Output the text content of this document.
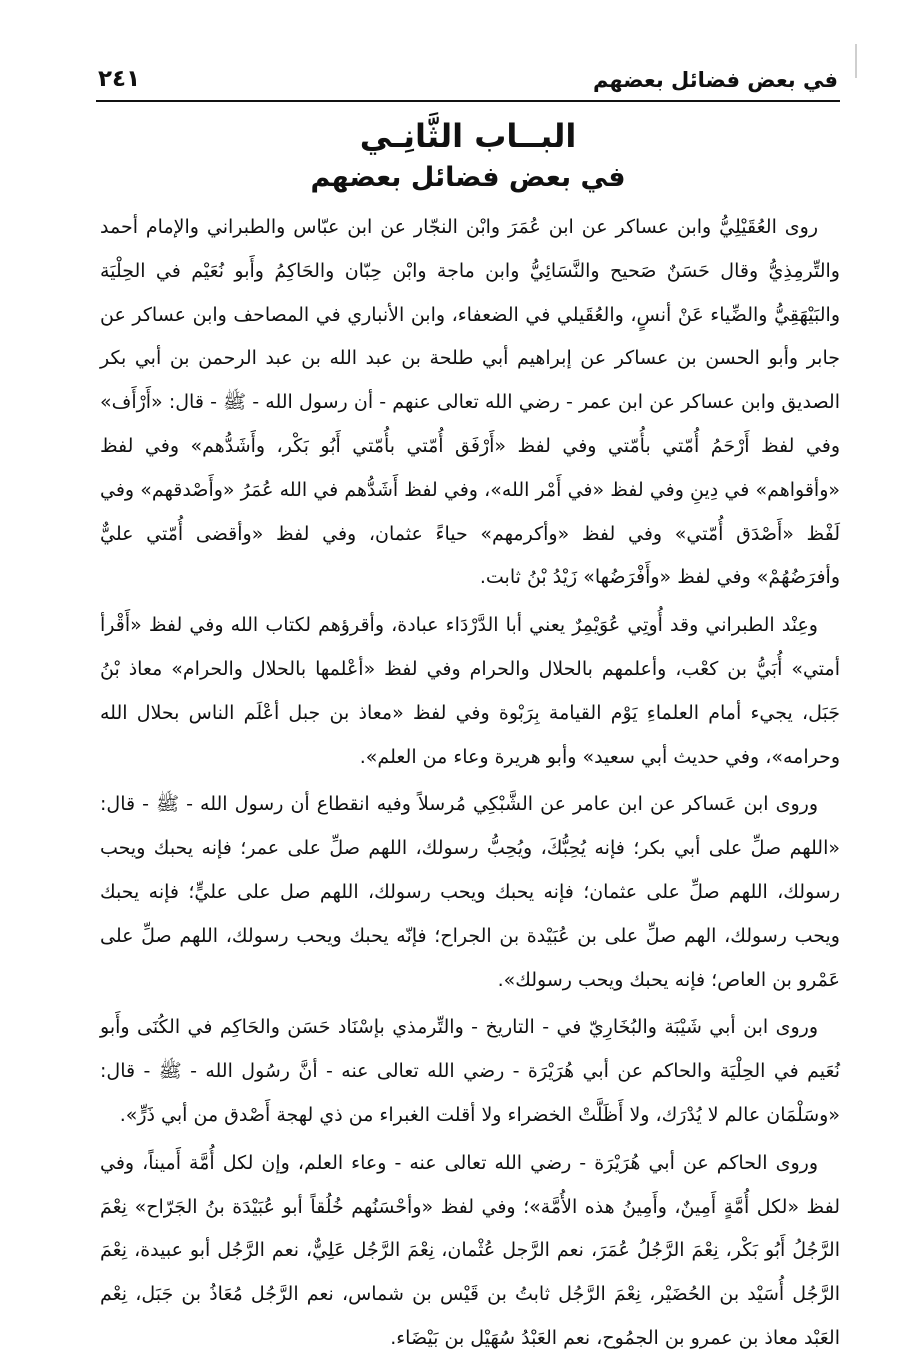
في بعض فضائل بعضهم
٢٤١
البــاب الثَّانِـي
في بعض فضائل بعضهم

روى العُقَيْلِيُّ وابن عساكر عن ابن عُمَرَ وابْن النجّار عن ابن عبّاس والطبراني والإمام أحمد والتِّرمِذِيُّ وقال حَسَنٌ صَحيح والنَّسَائِيُّ وابن ماجة وابْن حِبّان والحَاكِمُ وأَبو نُعَيْم في الحِلْيَة والبَيْهَقِيُّ والضِّياء عَنْ أنسٍ، والعُقَيلي في الضعفاء، وابن الأنباري في المصاحف وابن عساكر عن جابر وأبو الحسن بن عساكر عن إبراهيم أبي طلحة بن عبد الله بن عبد الرحمن بن أبي بكر الصديق وابن عساكر عن ابن عمر - رضي الله تعالى عنهم - أن رسول الله - ﷺ - قال: «أَرْأَف» وفي لفظ أَرْحَمُ أُمّتي بأُمّتي وفي لفظ «أَرْفَق أُمّتي بأُمّتي أَبُو بَكْر، وأَشَدُّهم» وفي لفظ «وأقواهم» في دِينِ وفي لفظ «في أَمْر الله»، وفي لفظ أَشَدُّهم في الله عُمَرُ «وأَصْدقهم» وفي لَفْظ «أَصْدَق أُمّتي» وفي لفظ «وأكرمهم» حياءً عثمان، وفي لفظ «وأقضى أُمّتي عليٌّ وأفرَضُهُمْ» وفي لفظ «وأَفْرَضُها» زَيْدُ بْنُ ثابت.

وعِنْد الطبراني وقد أُوتِي عُوَيْمِرٌ يعني أبا الدَّرْدَاء عبادة، وأقرؤهم لكتاب الله وفي لفظ «أَقْرأ أمتي» أُبَيُّ بن كعْب، وأعلمهم بالحلال والحرام وفي لفظ «أعْلمها بالحلال والحرام» معاذ بْنُ جَبَل، يجيء أمام العلماءِ يَوْم القيامة بِرَبْوة وفي لفظ «معاذ بن جبل أعْلَم الناس بحلال الله وحرامه»، وفي حديث أبي سعيد» وأبو هريرة وعاء من العلم».

وروى ابن عَساكر عن ابن عامر عن الشَّبْكِي مُرسلاً وفيه انقطاع أن رسول الله - ﷺ - قال: «اللهم صلِّ على أبي بكر؛ فإنه يُحِبُّكَ، ويُحِبُّ رسولك، اللهم صلِّ على عمر؛ فإنه يحبك ويحب رسولك، اللهم صلِّ على عثمان؛ فإنه يحبك ويحب رسولك، اللهم صل على عليٍّ؛ فإنه يحبك ويحب رسولك، الهم صلِّ على بن عُبَيْدة بن الجراح؛ فإنّه يحبك ويحب رسولك، اللهم صلِّ على عَمْرو بن العاص؛ فإنه يحبك ويحب رسولك».

وروى ابن أبي شَيْبَة والبُخَارِيّ في - التاريخ - والتِّرمذي بإسْنَاد حَسَن والحَاكِم في الكُنَى وأَبو نُعَيم في الحِلْيَة والحاكم عن أبي هُرَيْرَة - رضي الله تعالى عنه - أنَّ رسُول الله - ﷺ - قال: «وسَلْمَان عالم لا يُدْرَك، ولا أَظَلَّتْ الخضراء ولا أقلت الغبراء من ذي لهجة أَصْدق من أبي ذَرٍّ».

وروى الحاكم عن أبي هُرَيْرَة - رضي الله تعالى عنه - وعاء العلم، وإن لكل أُمَّة أَميناً، وفي لفظ «لكل أُمَّةٍ أَمِينٌ، وأَمِينُ هذه الأُمَّة»؛ وفي لفظ «وأحْسَنُهم خُلُقاً أبو عُبَيْدَة بنُ الجَرّاح» نِعْمَ الرَّجُلُ أَبُو بَكْر، نِعْمَ الرَّجُلُ عُمَرَ، نعم الرَّجل عُثْمان، نِعْمَ الرَّجُل عَلِيٌّ، نعم الرَّجُل أبو عبيدة، نِعْمَ الرَّجُل أُسَيْد بن الحُضَيْر، نِعْمَ الرَّجُل ثابتُ بن قَيْس بن شماس، نعم الرَّجُل مُعَاذُ بن جَبَل، نِعْم العَبْد معاذ بن عمرو بن الجمُوح، نعم العَبْدُ سُهَيْل بن بَيْضَاء.
